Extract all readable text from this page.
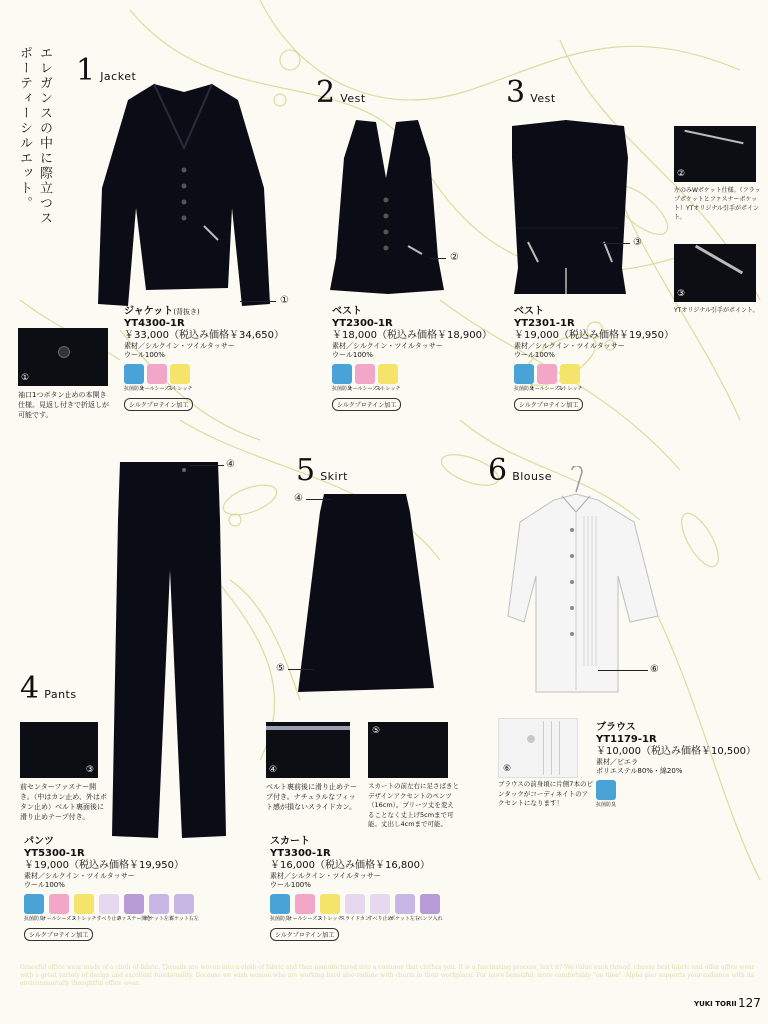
エレガンスの中に際立つスポーティーシルエット。	1 Jacket
①
ジャケット(背抜き)
YT4300-1R
￥33,000（税込み価格￥34,650）
素材／シルクイン・ツイルタッサー
ウール100%
抗菌防臭
オールシーズン
ストレッチ
シルクプロテイン加工
①
袖口1つボタン止めの本開き仕様。見返し付きで折返しが可能です。
2 Vest
②
ベスト
YT2300-1R
￥18,000（税込み価格￥18,900）
素材／シルクイン・ツイルタッサー
ウール100%
抗菌防臭
オールシーズン
ストレッチ
シルクプロテイン加工
3 Vest
③
ベスト
YT2301-1R
￥19,000（税込み価格￥19,950）
素材／シルクイン・ツイルタッサー
ウール100%
抗菌防臭
オールシーズン
ストレッチ
シルクプロテイン加工
②
左のみWポケット仕様。（フラップポケットとファスナーポケット）YTオリジナル引手がポイント。
③
YTオリジナル引手がポイント。
④
4 Pants
③
前センターファスナー開き。（中はカン止め、外はボタン止め）ベルト裏面後に滑り止めテープ付き。
パンツ
YT5300-1R
￥19,000（税込み価格￥19,950）
素材／シルクイン・ツイルタッサー
ウール100%
抗菌防臭
オールシーズン
ストレッチ すべり止め
ファスナー開き
ポケット左右
ポケット右左
シルクプロテイン加工
5 Skirt
④
⑤
④
ベルト裏前後に滑り止めテープ付き。ナチュラルなフィット感が損ないスライドカン。
⑤
スカートの前左右に足さばきとデザインアクセントのペンツ（16cm）。プリーツ丈を変えることなく丈上げ5cmまで可能。丈出し4cmまで可能。
スカート
YT3300-1R
￥16,000（税込み価格￥16,800）
素材／シルクイン・ツイルタッサー
ウール100%
抗菌防臭
オールシーズン
ストレッチ
スライドカン
すべり止め
ポケット左右
ペンツ入れ
シルクプロテイン加工
6 Blouse
⑥
⑥
ブラウスの前身頃に片側7本のピンタックがコーディネイトのアクセントになります！
ブラウス
YT1179-1R
￥10,000（税込み価格￥10,500）
素材／ビエラ
ポリエステル80%・綿20%
抗菌防臭
Graceful office wear made of a cloth of fabric. Threads are woven into a cloth of fabric and then manufactured into a costume that clothes you. It is a fascinating process, isn't it? We value each thread, choose best fabric and offer office wear with a great variety of design and excellent functionality. Because we wish women who are working hard also radiate with charm in their workplace. For more beautiful, more comfortably "on time". Alpha pier supports your radiance with its environmentally thoughtful office wear.
YUKI TORII 127
